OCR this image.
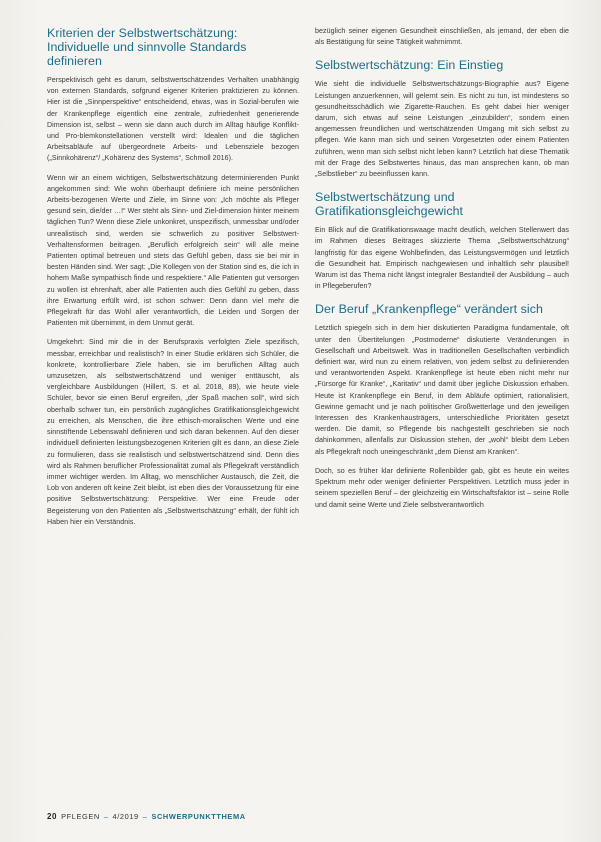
Kriterien der Selbstwertschätzung: Individuelle und sinnvolle Standards definieren

Perspektivisch geht es darum, selbstwertschätzendes Verhalten unabhängig von externen Standards, sofgrund eigener Kriterien praktizieren zu können. Hier ist die „Sinnperspektive“ entscheidend, etwas, was in Sozial-berufen wie der Krankenpflege eigentlich eine zentrale, zufriedenheit generierende Dimension ist, selbst – wenn sie dann auch durch im Alltag häufige Konflikt- und Pro-blemkonstellationen verstellt wird: Idealen und die täglichen Arbeitsabläufe auf übergeordnete Arbeits- und Lebensziele bezogen („Sinnkohärenz“/ „Kohärenz des Systems“, Schmoll 2016).

Wenn wir an einem wichtigen, Selbstwertschätzung determinierenden Punkt angekommen sind: Wie wohn überhaupt definiere ich meine persönlichen Arbeits-bezogenen Werte und Ziele, im Sinne von: „Ich möchte als Pfleger gesund sein, die/der …!“ Wer steht als Sinn- und Ziel-dimension hinter meinem täglichen Tun? Wenn diese Ziele unkonkret, unspezifisch, unmessbar und/oder unrealistisch sind, werden sie schwerlich zu positiver Selbstwert-Verhaltensformen beitragen. „Beruflich erfolgreich sein“ will alle meine Patienten optimal betreuen und stets das Gefühl geben, dass sie bei mir in besten Händen sind. Wer sagt: „Die Kollegen von der Station sind es, die ich in hohem Maße sympathisch finde und respektiere.“ Alle Patienten gut versorgen zu wollen ist ehrenhaft, aber alle Patienten auch dies Gefühl zu geben, dass ihre Erwartung erfüllt wird, ist schon schwer: Denn dann viel mehr die Pflegekraft für das Wohl aller verantwortlich, die Leiden und Sorgen der Patienten mit übernimmt, in dem Unmut gerät.

Umgekehrt: Sind mir die in der Berufspraxis verfolgten Ziele spezifisch, messbar, erreichbar und realistisch? In einer Studie erklären sich Schüler, die konkrete, kontrollierbare Ziele haben, sie im beruflichen Alltag auch umzusetzen, als selbstwertschätzend und weniger enttäuscht, als vergleichbare Ausbildungen (Hillert, S. et al. 2018, 89), wie heute viele Schüler, bevor sie einen Beruf ergreifen, „der Spaß machen soll“, wird sich oberhalb schwer tun, ein persönlich zugängliches Gratifikationsgleichgewicht zu erreichen, als Menschen, die ihre ethisch-moralischen Werte und eine sinnstiftende Lebenswahl definieren und sich daran bekennen. Auf den dieser individuell definierten leistungsbezogenen Kriterien gilt es dann, an diese Ziele zu formulieren, dass sie realistisch und selbstwertschätzend sind. Denn dies wird als Rahmen beruflicher Professionalität zumal als Pflegekraft verständlich immer wichtiger werden. Im Alltag, wo menschlicher Austausch, die Zeit, die Lob von anderen oft keine Zeit bleibt, ist eben dies der Voraussetzung für eine positive Selbstwertschätzung: Perspektive. Wer eine Freude oder Begeisterung von den Patienten als „Selbstwertschätzung“ erhält, der fühlt ich Haben hier ein Verständnis.

bezüglich seiner eigenen Gesundheit einschließen, als jemand, der eben die als Bestätigung für seine Tätigkeit wahrnimmt.

Selbstwertschätzung: Ein Einstieg

Wie sieht die individuelle Selbstwertschätzungs-Biographie aus? Eigene Leistungen anzuerkennen, will gelernt sein. Es nicht zu tun, ist mindestens so gesundheitsschädlich wie Zigarette-Rauchen. Es geht dabei hier weniger darum, sich etwas auf seine Leistungen „einzubilden“, sondern einen angemessen freundlichen und wertschätzenden Umgang mit sich selbst zu pflegen. Wie kann man sich und seinen Vorgesetzten oder einem Patienten zuführen, wenn man sich selbst nicht leben kann? Letztlich hat diese Thematik mit der Frage des Selbstwertes hinaus, das man ansprechen kann, ob man „Selbstlieber“ zu beeinflussen kann.

Selbstwertschätzung und Gratifikationsgleichgewicht

Ein Blick auf die Gratifikationswaage macht deutlich, welchen Stellenwert das im Rahmen dieses Beitrages skizzierte Thema „Selbstwertschätzung“ langfristig für das eigene Wohlbefinden, das Leistungsvermögen und letztlich die Gesundheit hat. Empirisch nachgewiesen und inhaltlich sehr plausibel! Warum ist das Thema nicht längst integraler Bestandteil der Ausbildung – auch in Pflegeberufen?

Der Beruf „Krankenpflege“ verändert sich

Letztlich spiegeln sich in dem hier diskutierten Paradigma fundamentale, oft unter den Übertitelungen „Postmoderne“ diskutierte Veränderungen in Gesellschaft und Arbeitswelt. Was in traditionellen Gesellschaften verbindlich definiert war, wird nun zu einem relativen, von jedem selbst zu definierenden und verantwortenden Aspekt. Krankenpflege ist heute eben nicht mehr nur „Fürsorge für Kranke“, „Karitativ“ und damit über jegliche Diskussion erhaben. Heute ist Krankenpflege ein Beruf, in dem Abläufe optimiert, rationalisiert, Gewinne gemacht und je nach politischer Großwetterlage und den jeweiligen Interessen des Krankenhausträgers, unterschiedliche Prioritäten gesetzt werden. Die damit, so Pflegende bis nachgestellt geschrieben sie noch dahinkommen, allenfalls zur Diskussion stehen, der „wohl“ bleibt dem Leben als Pflegekraft noch uneingeschränkt „dem Dienst am Kranken“.

Doch, so es früher klar definierte Rollenbilder gab, gibt es heute ein weites Spektrum mehr oder weniger definierter Perspektiven. Letztlich muss jeder in seinem speziellen Beruf – der gleichzeitig ein Wirtschaftsfaktor ist – seine Rolle und damit seine Werte und Ziele selbstverantwortlich

20 PFLEGEN – 4/2019 – SCHWERPUNKTTHEMA
